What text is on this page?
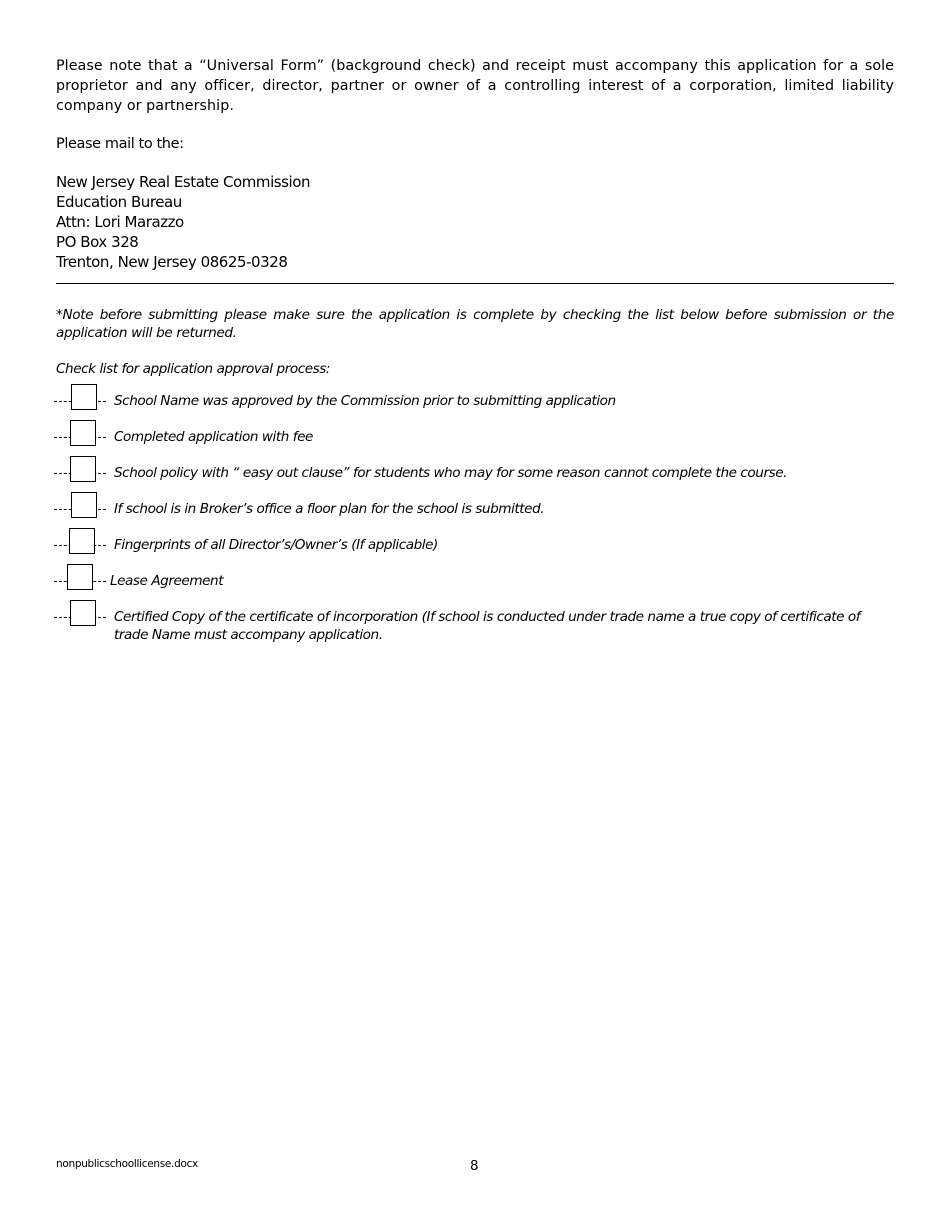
Please note that a “Universal Form” (background check) and receipt must accompany this application for a sole proprietor and any officer, director, partner or owner of a controlling interest of a corporation, limited liability company or partnership.

Please mail to the:

New Jersey Real Estate Commission
Education Bureau
Attn: Lori Marazzo
PO Box 328
Trenton, New Jersey 08625-0328

*Note before submitting please make sure the application is complete by checking the list below before submission or the application will be returned.

Check list for application approval process:

School Name was approved by the Commission prior to submitting application
Completed application with fee
School policy with “ easy out clause” for students who may for some reason cannot complete the course.
If school is in Broker’s office a floor plan for the school is submitted.
Fingerprints of all Director’s/Owner’s (If applicable)
Lease Agreement
Certified Copy of the certificate of incorporation (If school is conducted under trade name a true copy of certificate of trade Name must accompany application.
nonpublicschoollicense.docx	8
